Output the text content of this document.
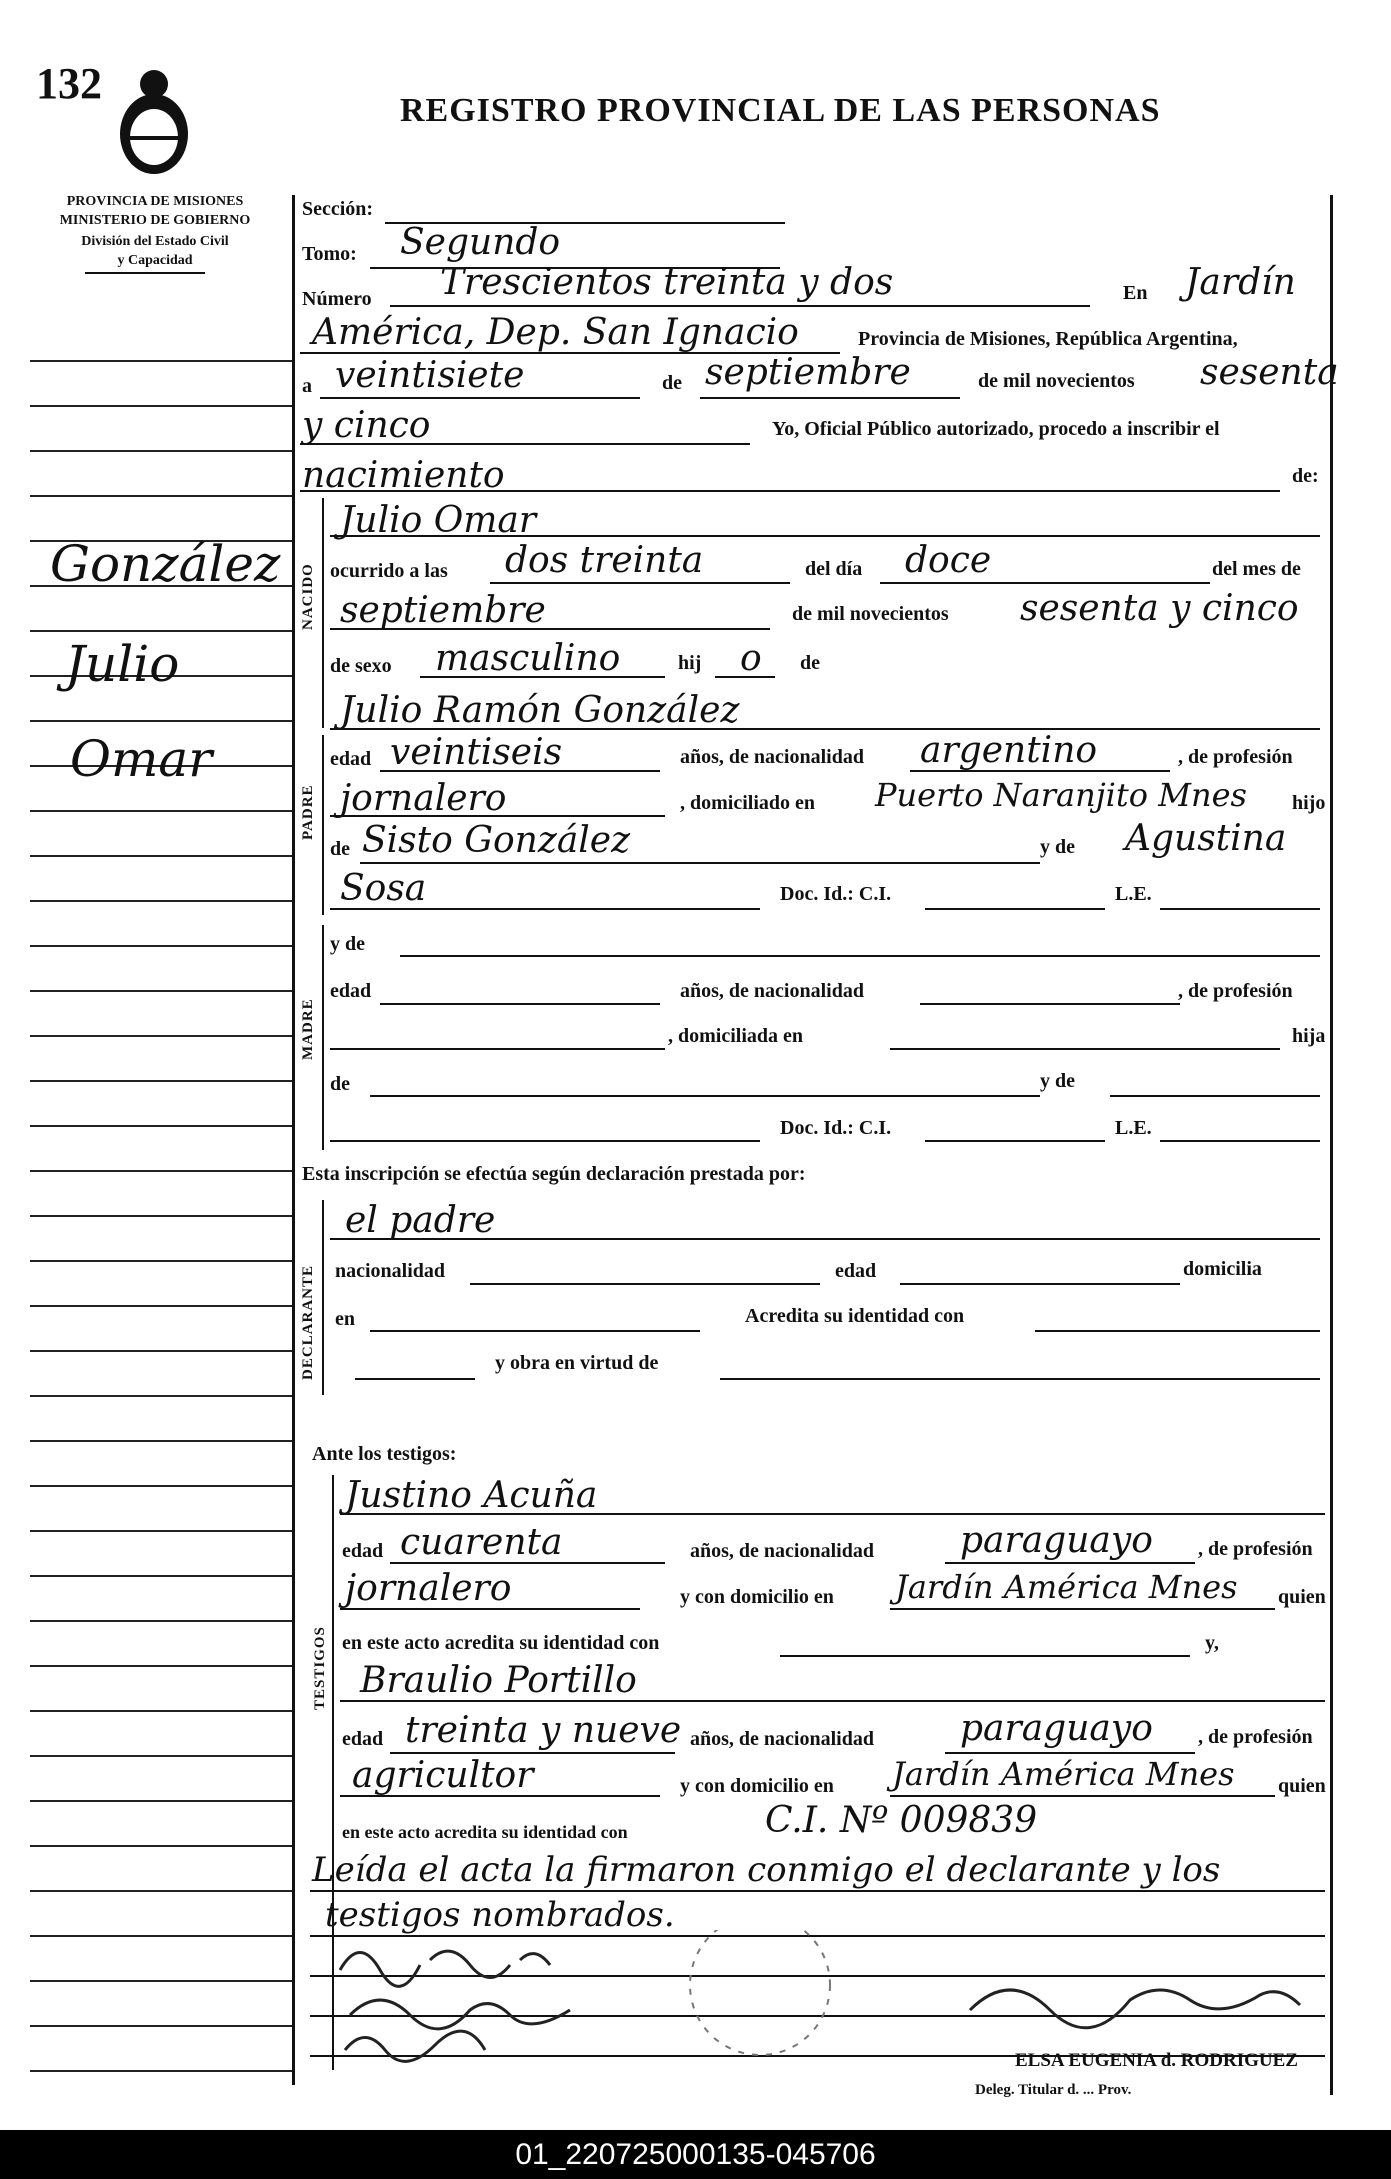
132
REGISTRO PROVINCIAL DE LAS PERSONAS
PROVINCIA DE MISIONES
MINISTERIO DE GOBIERNO
División del Estado Civil
y Capacidad
González
Julio
Omar
Sección:
Tomo: Segundo
Número Trescientos treinta y dos	En Jardín
América, Dep. San Ignacio	Provincia de Misiones, República Argentina,
a veintisiete	de septiembre	de mil novecientos sesenta
y cinco	Yo, Oficial Público autorizado, procedo a inscribir el
nacimiento	de:
NACIDO
Julio Omar
ocurrido a las dos treinta	del día doce	del mes de
septiembre	de mil novecientos sesenta y cinco
de sexo masculino	hij o de
PADRE
Julio Ramón González
edad veintiseis	años, de nacionalidad argentino	, de profesión
jornalero	, domiciliado en Puerto Naranjito Mnes hijo
de Sisto González	y de Agustina
Sosa	Doc. Id.: C.I.	L.E.
MADRE
y de
edad	años, de nacionalidad	, de profesión
, domiciliada en	hija
de	y de
Doc. Id.: C.I.	L.E.
Esta inscripción se efectúa según declaración prestada por:
DECLARANTE
el padre
nacionalidad	edad	domicilia
en	Acredita su identidad con
y obra en virtud de
Ante los testigos:
TESTIGOS
Justino Acuña
edad cuarenta	años, de nacionalidad paraguayo , de profesión
jornalero	y con domicilio en Jardín América Mnes quien
en este acto acredita su identidad con	y,
Braulio Portillo
edad treinta y nueve años, de nacionalidad paraguayo , de profesión
agricultor	y con domicilio en Jardín América Mnes quien
en este acto acredita su identidad con	C.I. Nº 009839
Leída el acta la firmaron conmigo el declarante y los
testigos nombrados.
ELSA EUGENIA d. RODRIGUEZ
Deleg. Titular d. ... Prov.
01_220725000135-045706
